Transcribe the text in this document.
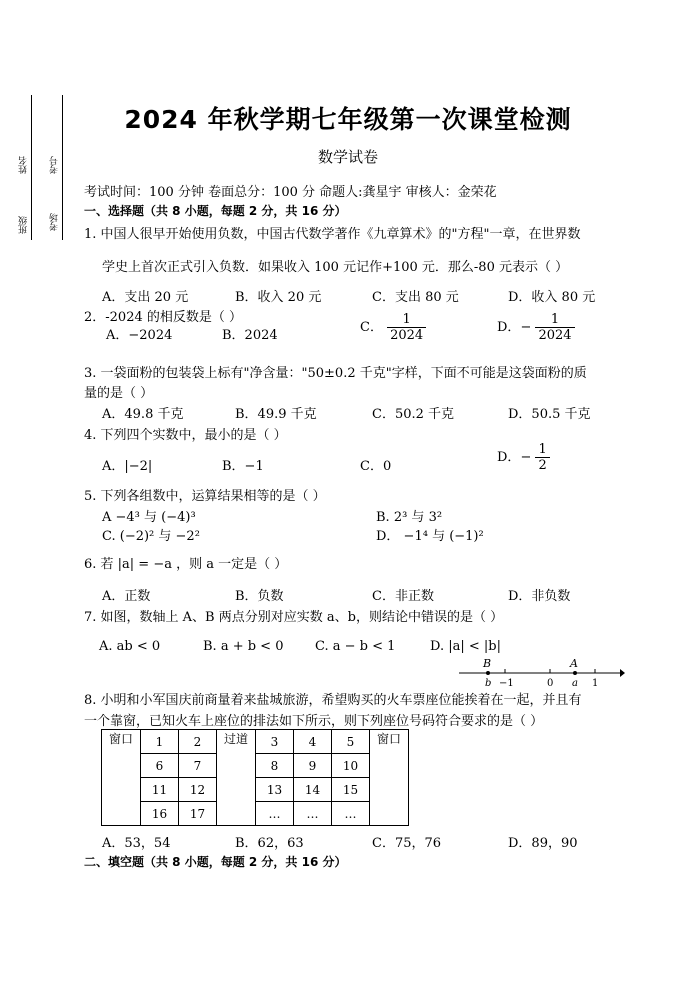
班级
姓名
考场
考号
2024 年秋学期七年级第一次课堂检测
数学试卷
考试时间：100 分钟 卷面总分：100 分 命题人:龚星宇 审核人：金荣花
一、选择题（共 8 小题，每题 2 分，共 16 分）
1. 中国人很早开始使用负数，中国古代数学著作《九章算术》的"方程"一章，在世界数
学史上首次正式引入负数．如果收入 100 元记作+100 元．那么-80 元表示（ ）
A．支出 20 元	B．收入 20 元	C．支出 80 元	D．收入 80 元
2．-2024 的相反数是（ ）
A．−2024	B．2024
C． $\frac{1}{2024}$	D．− $\frac{1}{2024}$
3. 一袋面粉的包装袋上标有"净含量："50±0.2 千克"字样，下面不可能是这袋面粉的质
量的是（ ）
A．49.8 千克	B．49.9 千克	C．50.2 千克	D．50.5 千克
4. 下列四个实数中，最小的是（ ）
A．|−2|	B．−1	C．0
D．− $\frac{1}{2}$
5. 下列各组数中，运算结果相等的是（ ）
A −4³ 与 (−4)³	B. 2³ 与 3²
C. (−2)² 与 −2²	D． −1⁴ 与 (−1)²
6. 若 |a| = −a ，则 a 一定是（ ）
A．正数	B．负数	C．非正数	D．非负数
7. 如图，数轴上 A、B 两点分别对应实数 a、b，则结论中错误的是（ ）
A. ab < 0	B. a + b < 0 C. a − b < 1	D. |a| < |b|
B	A
b −1	0 a 1
8. 小明和小军国庆前商量着来盐城旅游，希望购买的火车票座位能挨着在一起，并且有
一个靠窗，已知火车上座位的排法如下所示，则下列座位号码符合要求的是（ ）
窗口	1	2	过道	3	4	5	窗口
	6	7		8	9	10	
	11	12		13	14	15	
	16	17		…	…	…	
A．53，54	B．62，63	C．75，76	D．89，90
二、填空题（共 8 小题，每题 2 分，共 16 分）
